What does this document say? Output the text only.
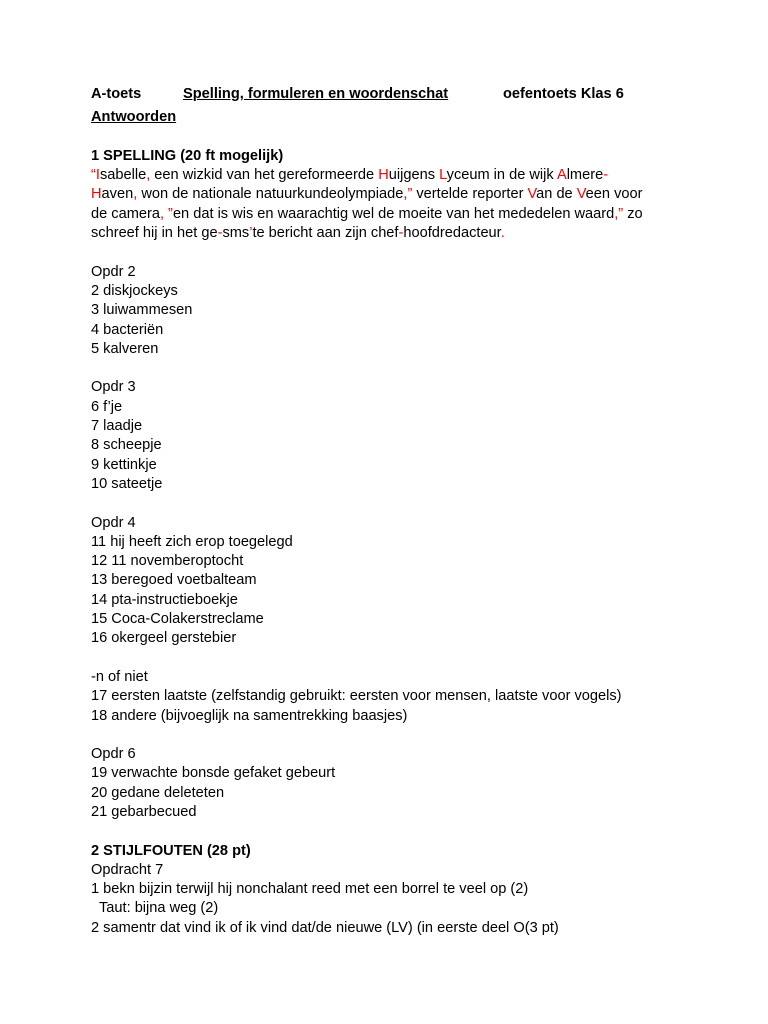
A-toets	Spelling, formuleren en woordenschat	oefentoets Klas 6
Antwoorden
1 SPELLING (20 ft mogelijk)
“Isabelle, een wizkid van het gereformeerde Huijgens Lyceum in de wijk Almere-Haven, won de nationale natuurkundeolympiade,” vertelde reporter Van de Veen voor de camera, ”en dat is wis en waarachtig wel de moeite van het mededelen waard,” zo schreef hij in het ge-sms’te bericht aan zijn chef-hoofdredacteur.
Opdr 2
2 diskjockeys
3 luiwammesen
4 bacteriën
5 kalveren
Opdr 3
6 f’je
7 laadje
8 scheepje
9 kettinkje
10 sateetje
Opdr 4
11 hij heeft zich erop toegelegd
12 11 novemberoptocht
13 beregoed voetbalteam
14 pta-instructieboekje
15 Coca-Colakerstreclame
16 okergeel gerstebier
-n of niet
17 eersten laatste (zelfstandig gebruikt: eersten voor mensen, laatste voor vogels)
18 andere (bijvoeglijk na samentrekking baasjes)
Opdr 6
19 verwachte bonsde gefaket gebeurt
20 gedane deleteten
21 gebarbecued
2 STIJLFOUTEN (28 pt)
Opdracht 7
1 bekn bijzin terwijl hij nonchalant reed met een borrel te veel op (2)
Taut: bijna weg (2)
2 samentr dat vind ik of ik vind dat/de nieuwe (LV) (in eerste deel O(3 pt)
